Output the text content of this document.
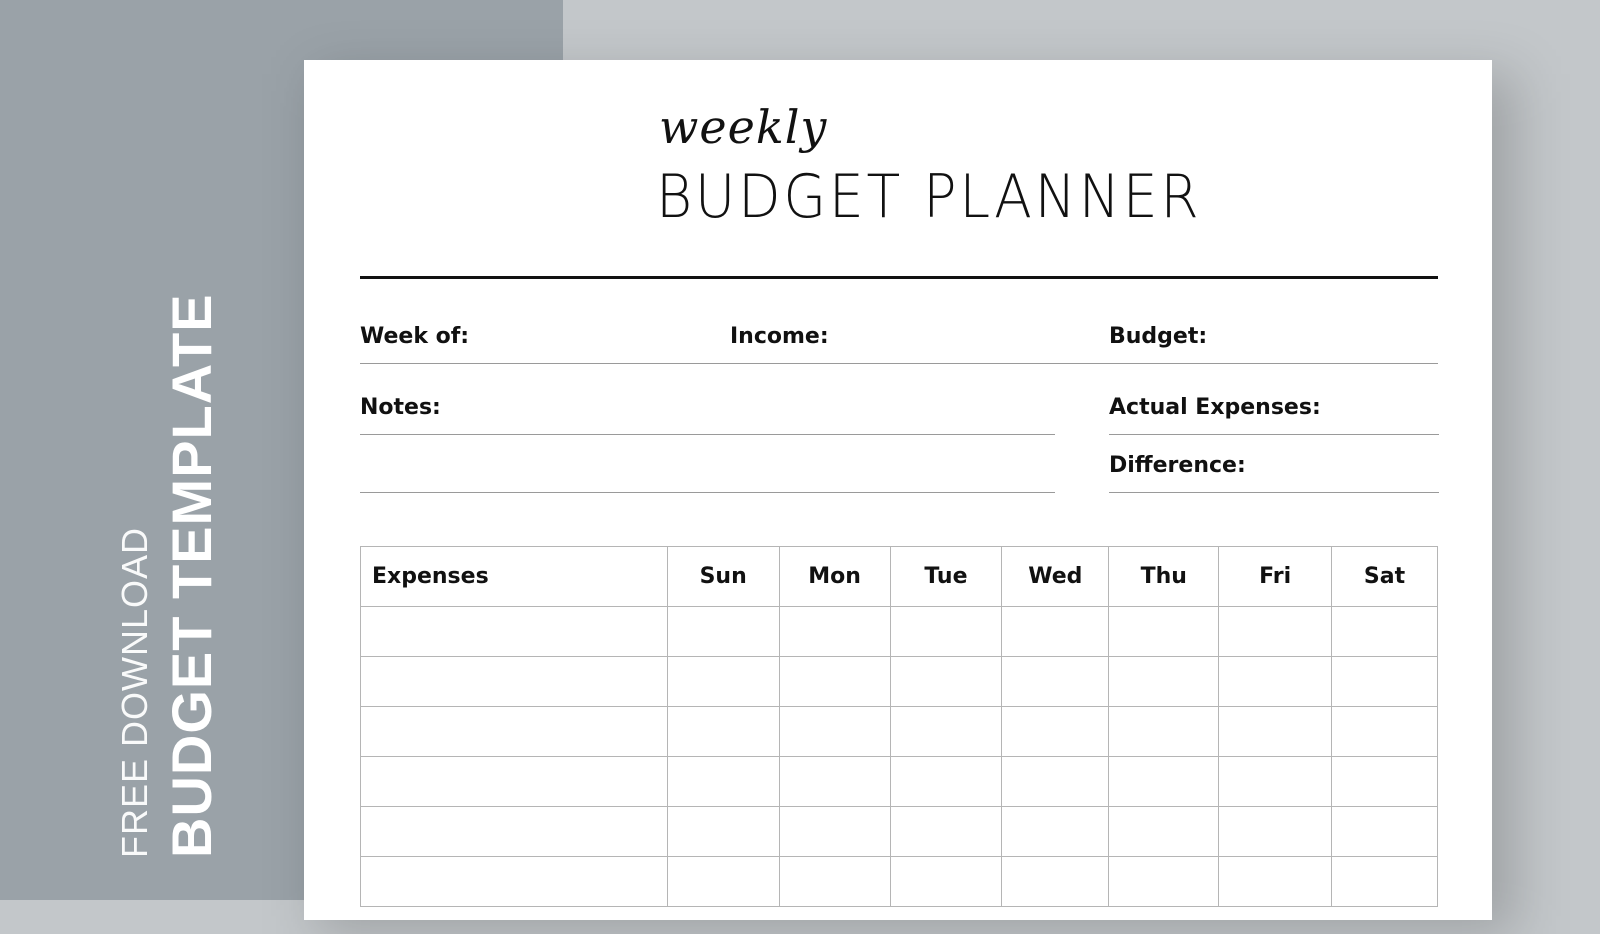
FREE DOWNLOAD BUDGET TEMPLATE
weekly
BUDGET PLANNER
Week of:	Income:	Budget:
Notes:	Actual Expenses:
Difference:
Expenses	Sun	Mon	Tue	Wed	Thu	Fri	Sat
